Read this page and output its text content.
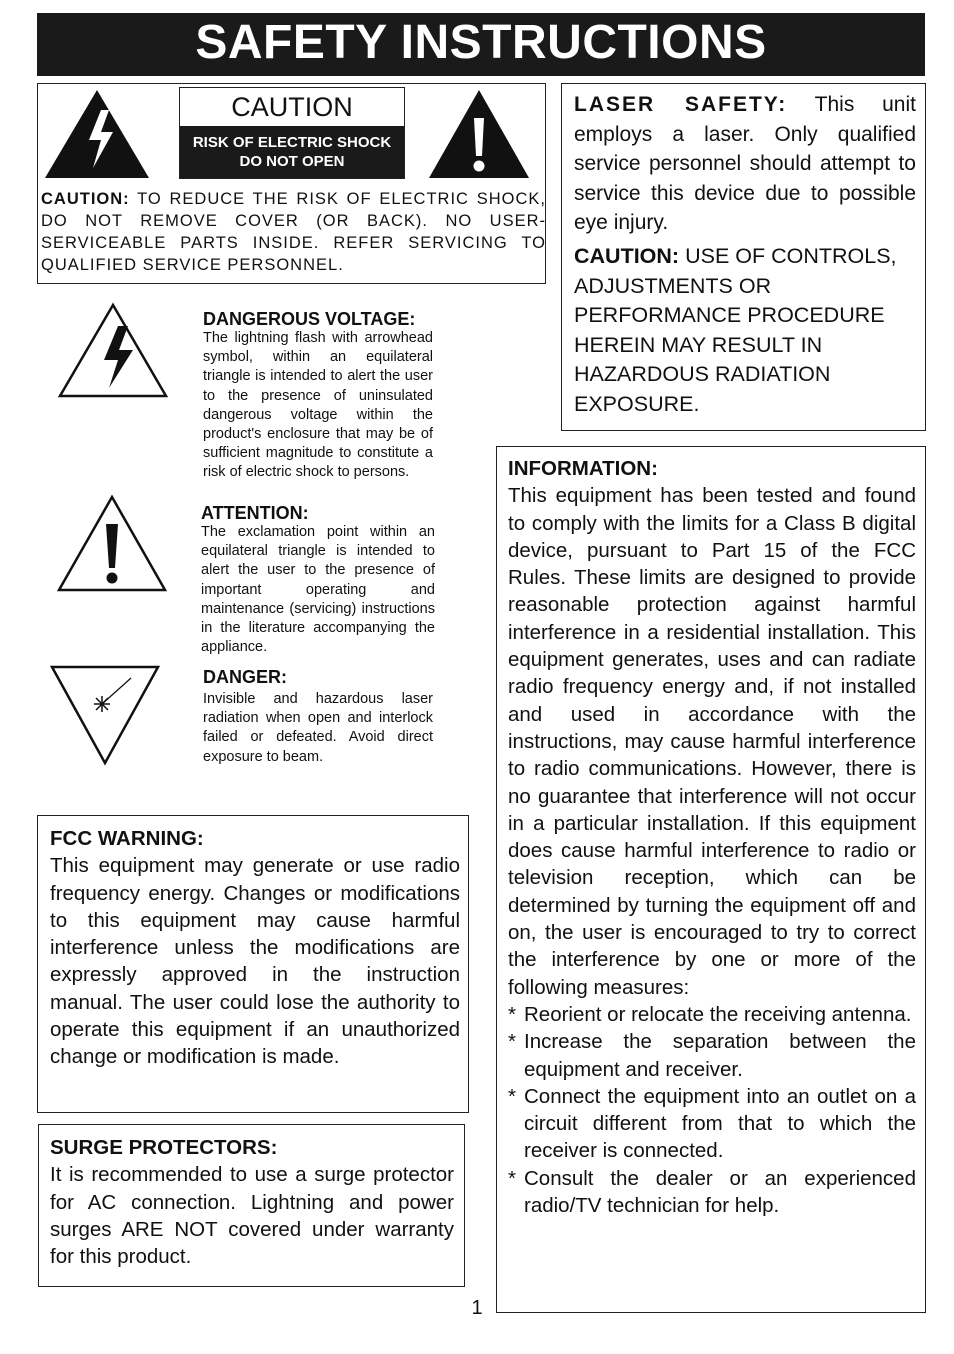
SAFETY INSTRUCTIONS
CAUTION
RISK OF ELECTRIC SHOCK
DO NOT OPEN
CAUTION: TO REDUCE THE RISK OF ELECTRIC SHOCK, DO NOT REMOVE COVER (OR BACK). NO USER-SERVICEABLE PARTS INSIDE. REFER SERVICING TO QUALIFIED SERVICE PERSONNEL.
DANGEROUS VOLTAGE:
The lightning flash with arrowhead symbol, within an equilateral triangle is intended to alert the user to the presence of uninsulated dangerous voltage within the product's enclosure that may be of sufficient magnitude to constitute a risk of electric shock to persons.
ATTENTION:
The exclamation point within an equilateral triangle is intended to alert the user to the presence of important operating and maintenance (servicing) instructions in the literature accompanying the appliance.
DANGER:
Invisible and hazardous laser radiation when open and interlock failed or defeated. Avoid direct exposure to beam.
LASER SAFETY: This unit employs a laser. Only qualified service personnel should attempt to service this device due to possible eye injury.
CAUTION: USE OF CONTROLS, ADJUSTMENTS OR PERFORMANCE PROCEDURE HEREIN MAY RESULT IN HAZARDOUS RADIATION EXPOSURE.
INFORMATION:
This equipment has been tested and found to comply with the limits for a Class B digital device, pursuant to Part 15 of the FCC Rules. These limits are designed to provide reasonable protection against harmful interference in a residential installation. This equipment generates, uses and can radiate radio frequency energy and, if not installed and used in accordance with the instructions, may cause harmful interference to radio communications. However, there is no guarantee that interference will not occur in a particular installation. If this equipment does cause harmful interference to radio or television reception, which can be determined by turning the equipment off and on, the user is encouraged to try to correct the interference by one or more of the following measures:
* Reorient or relocate the receiving antenna.
* Increase the separation between the equipment and receiver.
* Connect the equipment into an outlet on a circuit different from that to which the receiver is connected.
* Consult the dealer or an experienced radio/TV technician for help.
FCC WARNING:
This equipment may generate or use radio frequency energy. Changes or modifications to this equipment may cause harmful interference unless the modifications are expressly approved in the instruction manual. The user could lose the authority to operate this equipment if an unauthorized change or modification is made.
SURGE PROTECTORS:
It is recommended to use a surge protector for AC connection. Lightning and power surges ARE NOT covered under warranty for this product.
1
